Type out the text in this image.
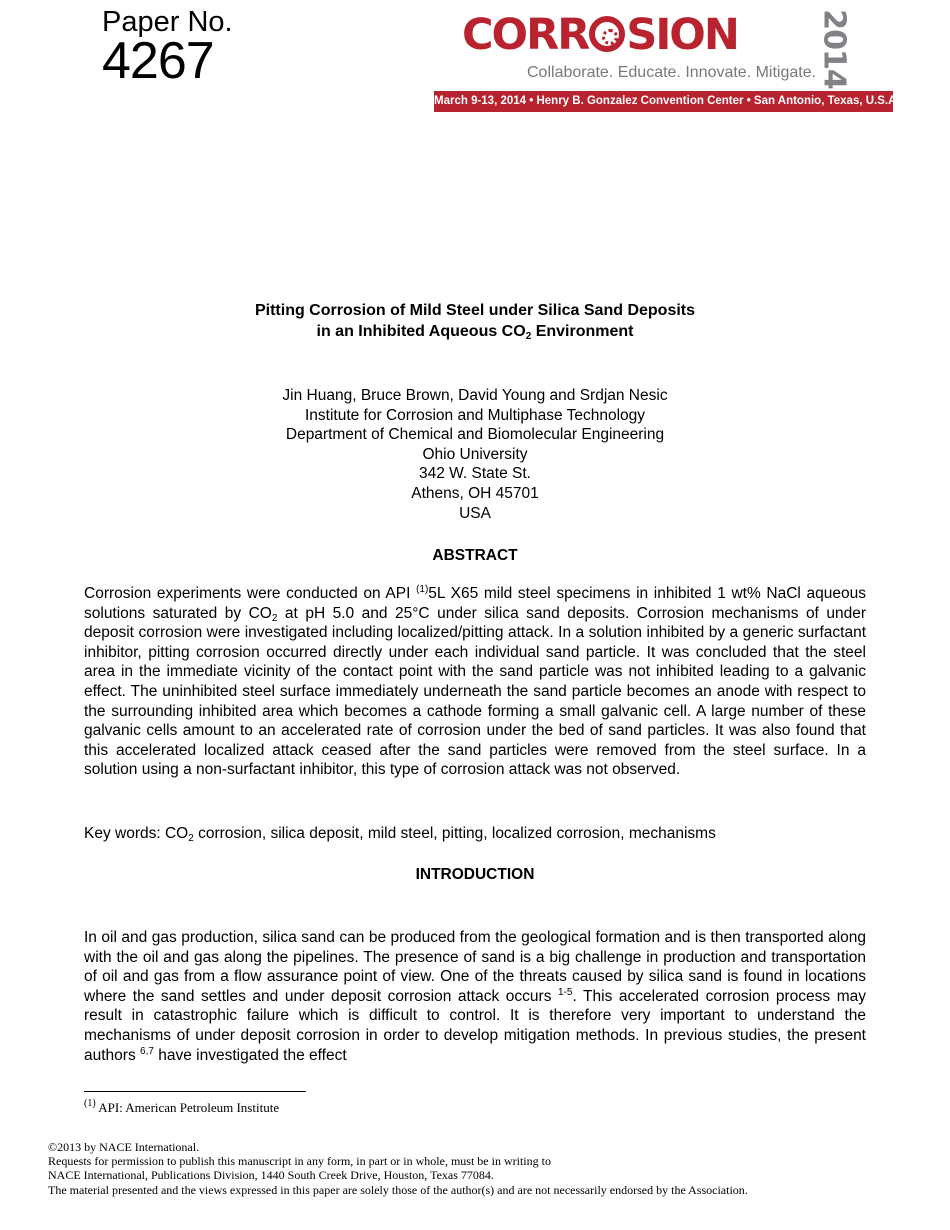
Paper No.
4267	CORR SION	2014
Collaborate. Educate. Innovate. Mitigate.
March 9-13, 2014 • Henry B. Gonzalez Convention Center • San Antonio, Texas, U.S.A.
Pitting Corrosion of Mild Steel under Silica Sand Deposits
in an Inhibited Aqueous $CO_2$ Environment
Jin Huang, Bruce Brown, David Young and Srdjan Nesic
Institute for Corrosion and Multiphase Technology
Department of Chemical and Biomolecular Engineering
Ohio University
342 W. State St.
Athens, OH 45701
USA
ABSTRACT
Corrosion experiments were conducted on API $^{(1)}$5L X65 mild steel specimens in inhibited 1 wt% NaCl aqueous solutions saturated by $CO_2$ at pH 5.0 and 25°C under silica sand deposits. Corrosion mechanisms of under deposit corrosion were investigated including localized/pitting attack. In a solution inhibited by a generic surfactant inhibitor, pitting corrosion occurred directly under each individual sand particle. It was concluded that the steel area in the immediate vicinity of the contact point with the sand particle was not inhibited leading to a galvanic effect. The uninhibited steel surface immediately underneath the sand particle becomes an anode with respect to the surrounding inhibited area which becomes a cathode forming a small galvanic cell. A large number of these galvanic cells amount to an accelerated rate of corrosion under the bed of sand particles. It was also found that this accelerated localized attack ceased after the sand particles were removed from the steel surface. In a solution using a non-surfactant inhibitor, this type of corrosion attack was not observed.
Key words: $CO_2$ corrosion, silica deposit, mild steel, pitting, localized corrosion, mechanisms
INTRODUCTION
In oil and gas production, silica sand can be produced from the geological formation and is then transported along with the oil and gas along the pipelines. The presence of sand is a big challenge in production and transportation of oil and gas from a flow assurance point of view. One of the threats caused by silica sand is found in locations where the sand settles and under deposit corrosion attack occurs $^{1-5}$. This accelerated corrosion process may result in catastrophic failure which is difficult to control. It is therefore very important to understand the mechanisms of under deposit corrosion in order to develop mitigation methods. In previous studies, the present authors $^{6,7}$ have investigated the effect
$^{(1)}$ API: American Petroleum Institute
©2013 by NACE International.
Requests for permission to publish this manuscript in any form, in part or in whole, must be in writing to
NACE International, Publications Division, 1440 South Creek Drive, Houston, Texas 77084.
The material presented and the views expressed in this paper are solely those of the author(s) and are not necessarily endorsed by the Association.
